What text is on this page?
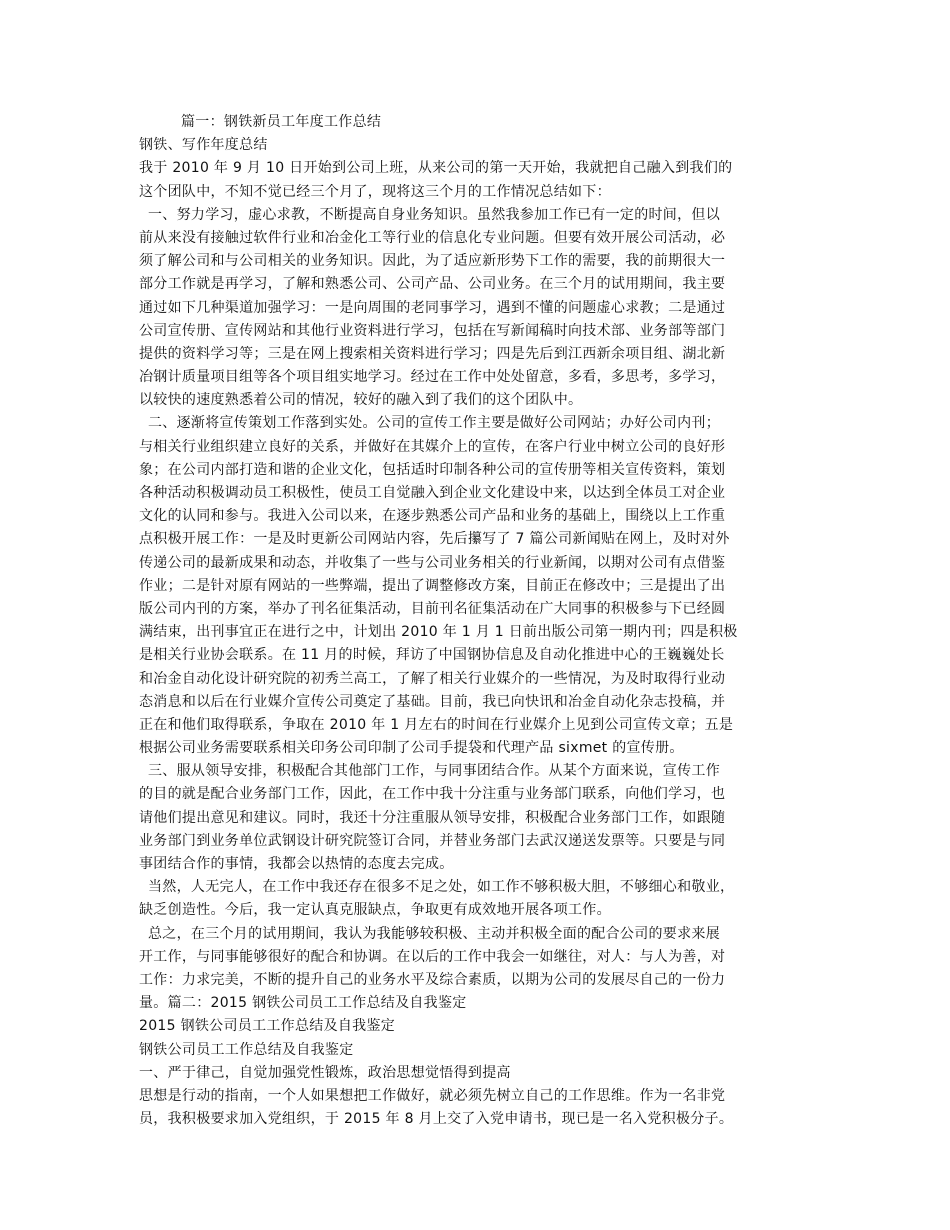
篇一：钢铁新员工年度工作总结
钢铁、写作年度总结
我于 2010 年 9 月 10 日开始到公司上班，从来公司的第一天开始，我就把自己融入到我们的
这个团队中，不知不觉已经三个月了，现将这三个月的工作情况总结如下：
一、努力学习，虚心求教，不断提高自身业务知识。虽然我参加工作已有一定的时间，但以
前从来没有接触过软件行业和冶金化工等行业的信息化专业问题。但要有效开展公司活动，必
须了解公司和与公司相关的业务知识。因此，为了适应新形势下工作的需要，我的前期很大一
部分工作就是再学习，了解和熟悉公司、公司产品、公司业务。在三个月的试用期间，我主要
通过如下几种渠道加强学习：一是向周围的老同事学习，遇到不懂的问题虚心求教；二是通过
公司宣传册、宣传网站和其他行业资料进行学习，包括在写新闻稿时向技术部、业务部等部门
提供的资料学习等；三是在网上搜索相关资料进行学习；四是先后到江西新余项目组、湖北新
冶钢计质量项目组等各个项目组实地学习。经过在工作中处处留意，多看，多思考，多学习，
以较快的速度熟悉着公司的情况，较好的融入到了我们的这个团队中。
二、逐渐将宣传策划工作落到实处。公司的宣传工作主要是做好公司网站；办好公司内刊；
与相关行业组织建立良好的关系，并做好在其媒介上的宣传，在客户行业中树立公司的良好形
象；在公司内部打造和谐的企业文化，包括适时印制各种公司的宣传册等相关宣传资料，策划
各种活动积极调动员工积极性，使员工自觉融入到企业文化建设中来，以达到全体员工对企业
文化的认同和参与。我进入公司以来，在逐步熟悉公司产品和业务的基础上，围绕以上工作重
点积极开展工作：一是及时更新公司网站内容，先后攥写了 7 篇公司新闻贴在网上，及时对外
传递公司的最新成果和动态，并收集了一些与公司业务相关的行业新闻，以期对公司有点借鉴
作业；二是针对原有网站的一些弊端，提出了调整修改方案，目前正在修改中；三是提出了出
版公司内刊的方案，举办了刊名征集活动，目前刊名征集活动在广大同事的积极参与下已经圆
满结束，出刊事宜正在进行之中，计划出 2010 年 1 月 1 日前出版公司第一期内刊；四是积极
是相关行业协会联系。在 11 月的时候，拜访了中国钢协信息及自动化推进中心的王巍巍处长
和冶金自动化设计研究院的初秀兰高工，了解了相关行业媒介的一些情况，为及时取得行业动
态消息和以后在行业媒介宣传公司奠定了基础。目前，我已向快讯和冶金自动化杂志投稿，并
正在和他们取得联系，争取在 2010 年 1 月左右的时间在行业媒介上见到公司宣传文章；五是
根据公司业务需要联系相关印务公司印制了公司手提袋和代理产品 sixmet 的宣传册。
三、服从领导安排，积极配合其他部门工作，与同事团结合作。从某个方面来说，宣传工作
的目的就是配合业务部门工作，因此，在工作中我十分注重与业务部门联系，向他们学习，也
请他们提出意见和建议。同时，我还十分注重服从领导安排，积极配合业务部门工作，如跟随
业务部门到业务单位武钢设计研究院签订合同，并替业务部门去武汉递送发票等。只要是与同
事团结合作的事情，我都会以热情的态度去完成。
当然，人无完人，在工作中我还存在很多不足之处，如工作不够积极大胆，不够细心和敬业，
缺乏创造性。今后，我一定认真克服缺点，争取更有成效地开展各项工作。
总之，在三个月的试用期间，我认为我能够较积极、主动并积极全面的配合公司的要求来展
开工作，与同事能够很好的配合和协调。在以后的工作中我会一如继往，对人：与人为善，对
工作：力求完美，不断的提升自己的业务水平及综合素质，以期为公司的发展尽自己的一份力
量。篇二：2015 钢铁公司员工工作总结及自我鉴定
2015 钢铁公司员工工作总结及自我鉴定
钢铁公司员工工作总结及自我鉴定
一、严于律己，自觉加强党性锻炼，政治思想觉悟得到提高
思想是行动的指南，一个人如果想把工作做好，就必须先树立自己的工作思维。作为一名非党
员，我积极要求加入党组织，于 2015 年 8 月上交了入党申请书，现已是一名入党积极分子。
